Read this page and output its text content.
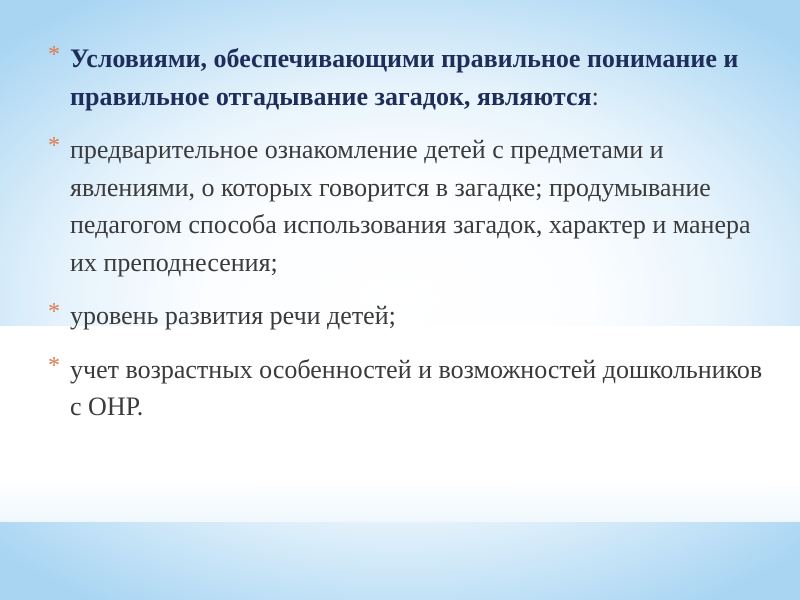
* Условиями, обеспечивающими правильное понимание и правильное отгадывание загадок, являются:
* предварительное ознакомление детей с предметами и явлениями, о которых говорится в загадке; продумывание педагогом способа использования загадок, характер и манера их преподнесения;
* уровень развития речи детей;
* учет возрастных особенностей и возможностей дошкольников с ОНР.
